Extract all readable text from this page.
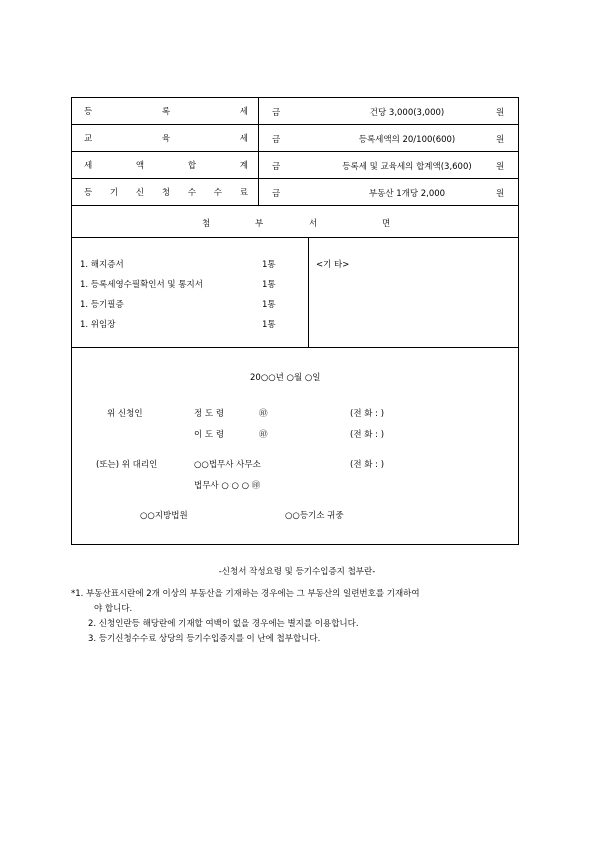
등 록 세	금	건당 3,000(3,000)	원
교 육 세	금	등록세액의 20/100(600)	원
세 액 합 계	금	등록세 및 교육세의 합계액(3,600)	원
등 기 신 청 수 수 료	금	부동산 1개당 2,000	원
첨	부	서	면
1. 해지증서	1통
1. 등록세영수필확인서 및 통지서	1통
1. 등기필증	1통
1. 위임장	1통
<기 타>
20○○년 ○월 ○일
위 신청인	정 도 령	㊞	(전 화 : )
이 도 령	㊞	(전 화 : )
(또는) 위 대리인	○○법무사 사무소	(전 화 : )
법무사 ○ ○ ○ ㊞
○○지방법원	○○등기소 귀중
-신청서 작성요령 및 등기수입증지 첩부란-
*1. 부동산표시란에 2개 이상의 부동산을 기재하는 경우에는 그 부동산의 일련번호를 기재하여
야 합니다.
2. 신청인란등 해당란에 기재할 여백이 없을 경우에는 별지를 이용합니다.
3. 등기신청수수료 상당의 등기수입증지를 이 난에 첩부합니다.
